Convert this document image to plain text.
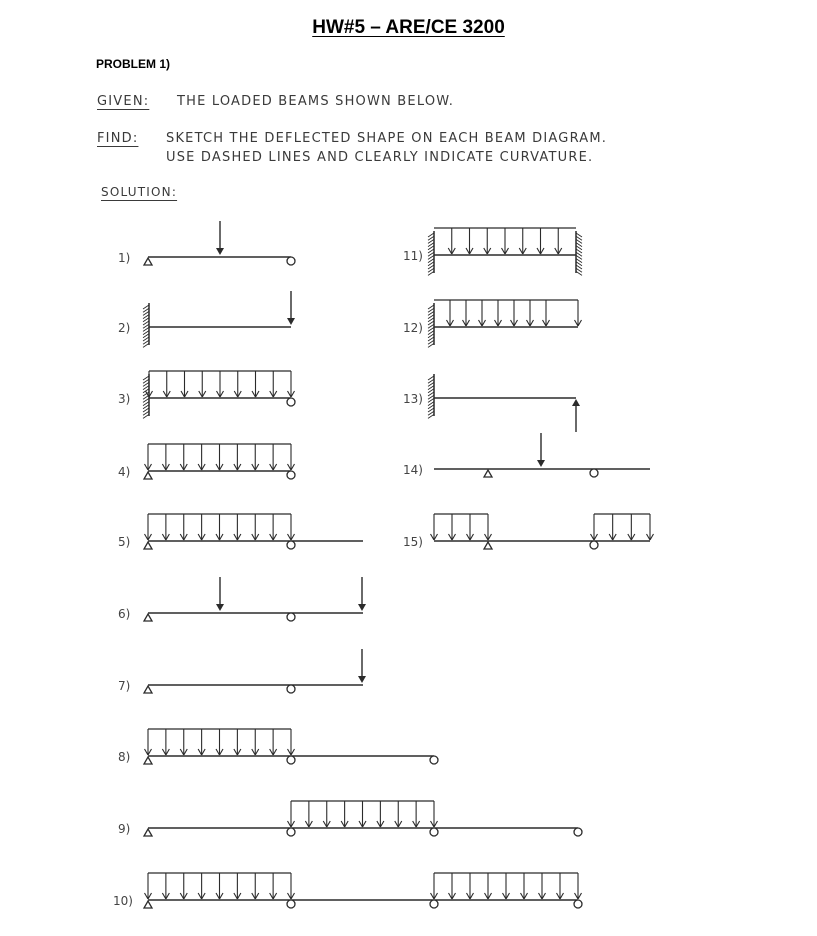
HW#5 – ARE/CE 3200
PROBLEM 1)
GIVEN: THE LOADED BEAMS SHOWN BELOW.
FIND: SKETCH THE DEFLECTED SHAPE ON EACH BEAM DIAGRAM.
USE DASHED LINES AND CLEARLY INDICATE CURVATURE.
SOLUTION:
1)
2)
3)
4)
5)
6)
7)
8)
9)
10)
11)
12)
13)
14)
15)
